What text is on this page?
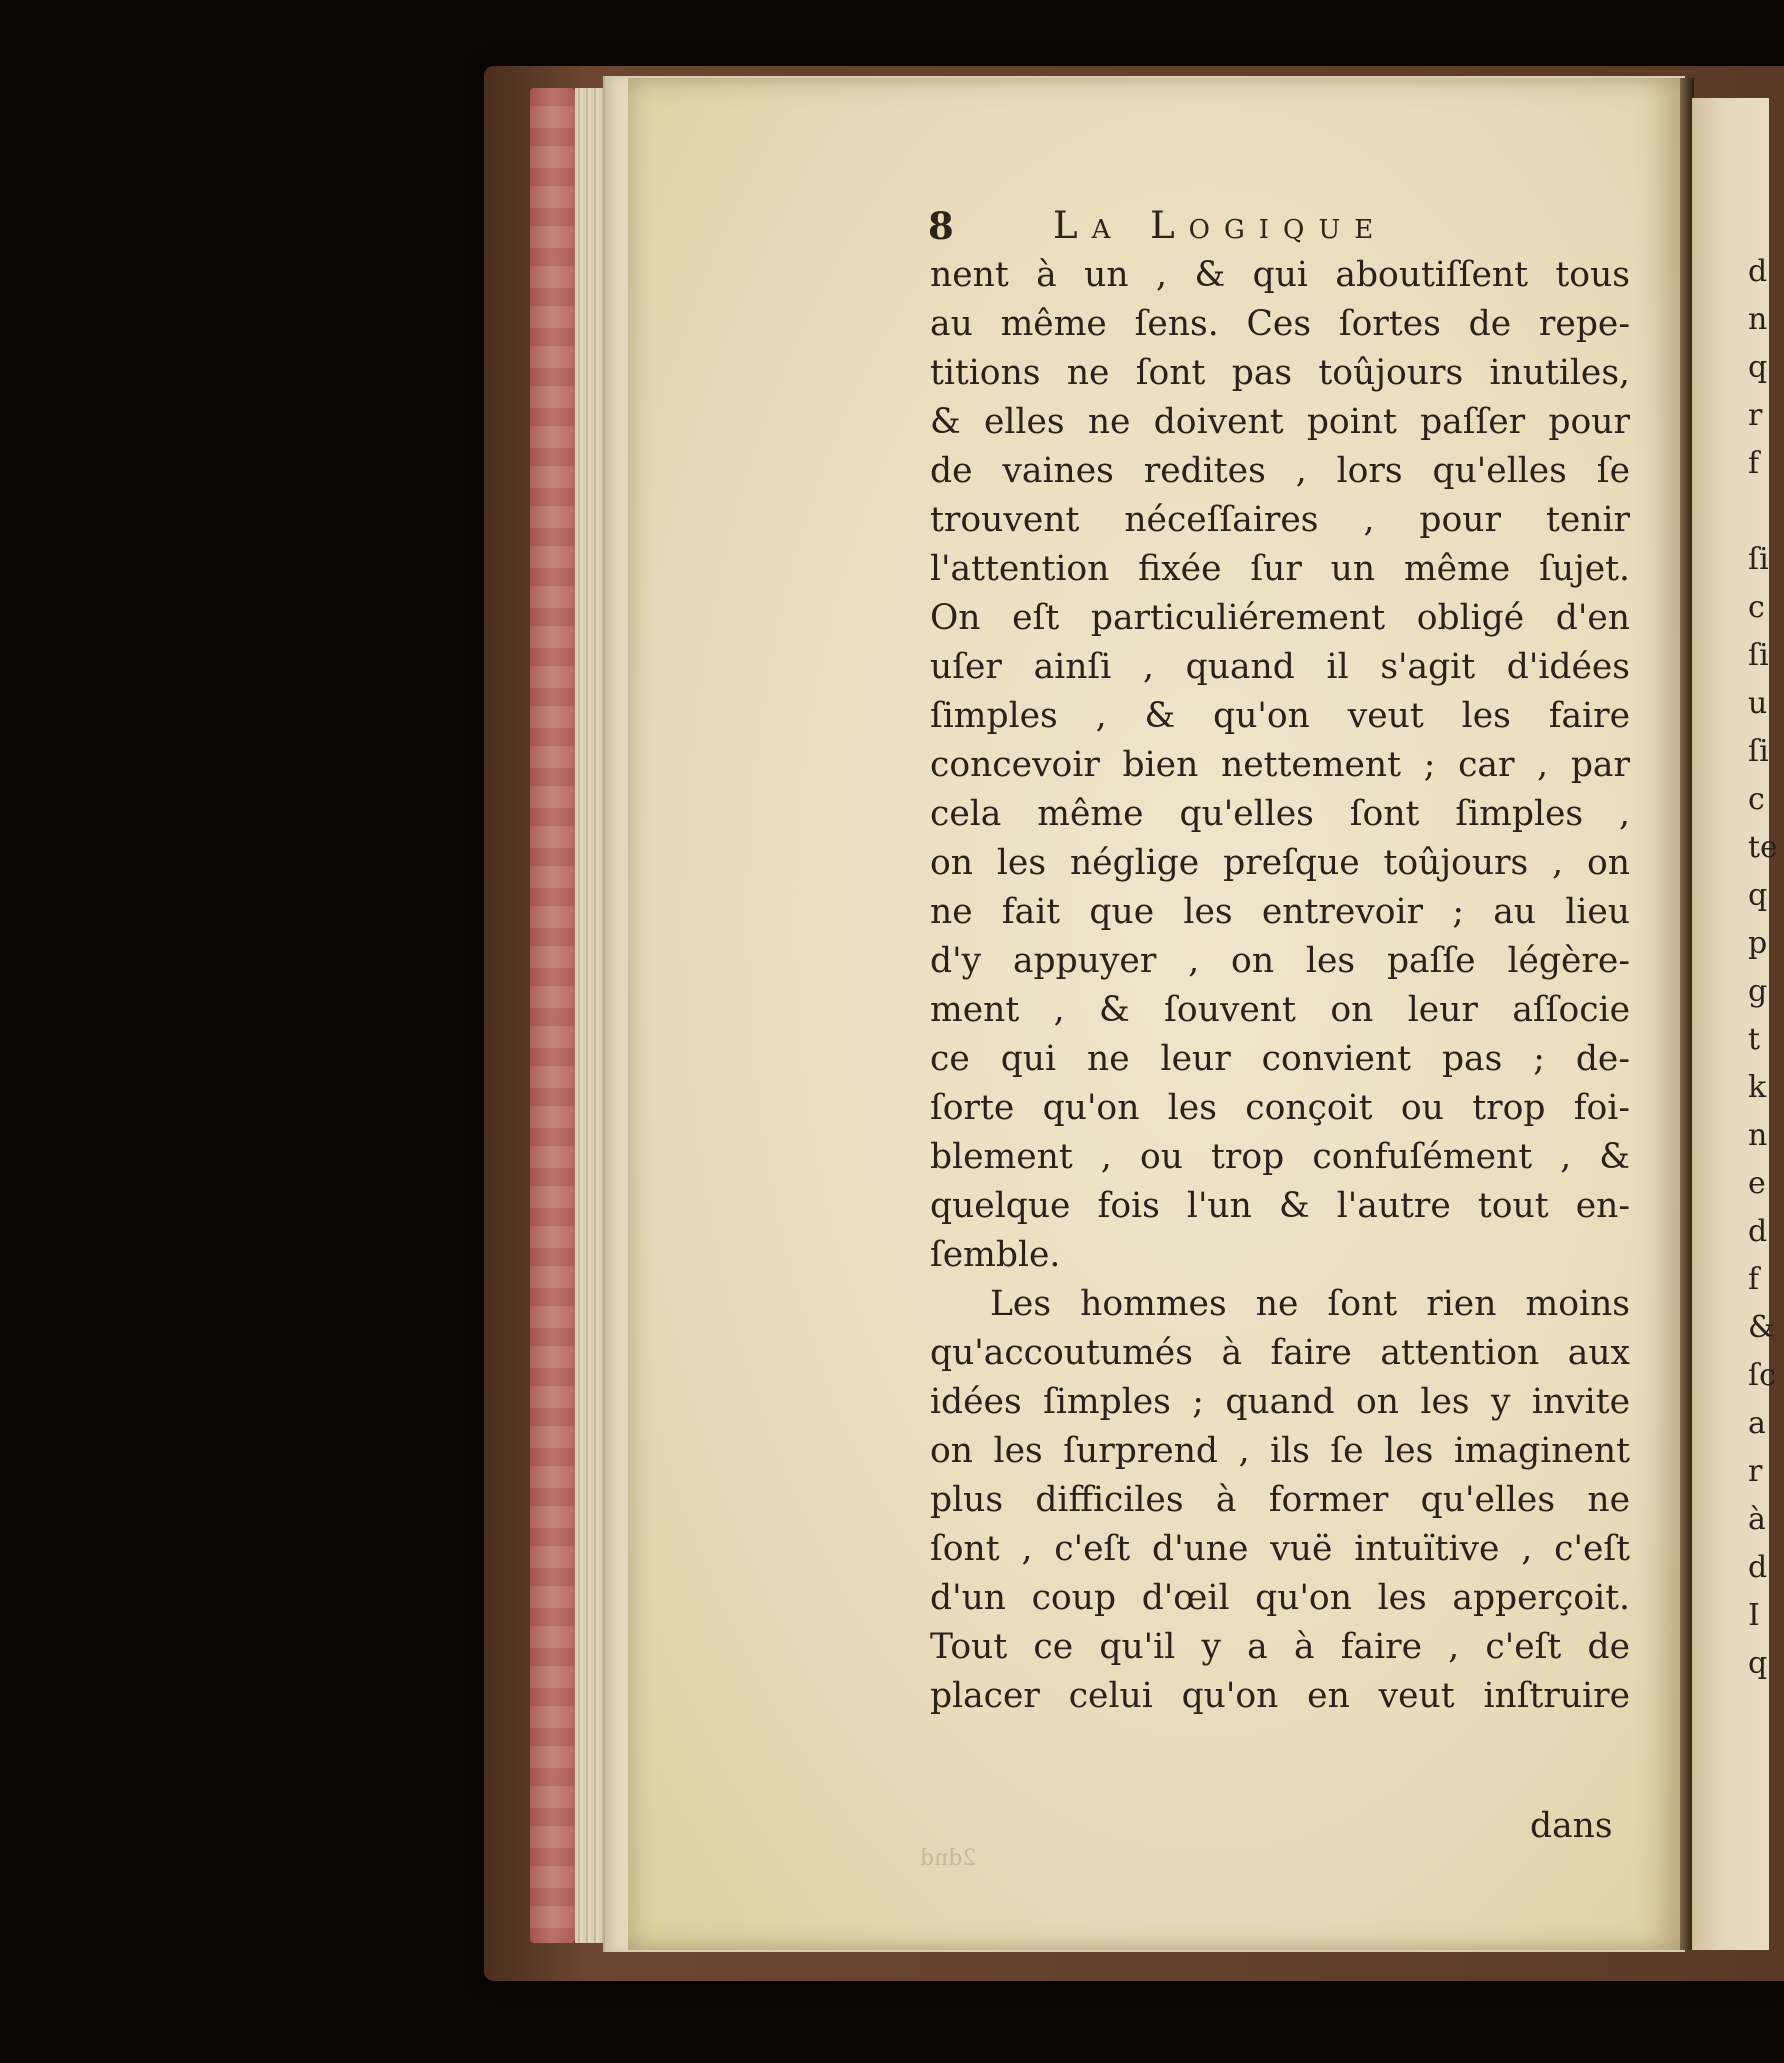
8	La Logique
nent à un , & qui aboutiſſent tous
au même ſens. Ces ſortes de repe-
titions ne ſont pas toûjours inutiles,
& elles ne doivent point paſſer pour
de vaines redites , lors qu'elles ſe
trouvent néceſſaires , pour tenir
l'attention fixée ſur un même ſujet.
On eſt particuliérement obligé d'en
uſer ainſi , quand il s'agit d'idées
ſimples , & qu'on veut les faire
concevoir bien nettement ; car , par
cela même qu'elles ſont ſimples ,
on les néglige preſque toûjours , on
ne fait que les entrevoir ; au lieu
d'y appuyer , on les paſſe légère-
ment , & ſouvent on leur aſſocie
ce qui ne leur convient pas ; de-
ſorte qu'on les conçoit ou trop foi-
blement , ou trop confuſément , &
quelque fois l'un & l'autre tout en-
ſemble.
Les hommes ne ſont rien moins
qu'accoutumés à faire attention aux
idées ſimples ; quand on les y invite
on les ſurprend , ils ſe les imaginent
plus difficiles à former qu'elles ne
ſont , c'eſt d'une vuë intuïtive , c'eſt
d'un coup d'œil qu'on les apperçoit.
Tout ce qu'il y a à faire , c'eſt de
placer celui qu'on en veut inſtruire
dans
2dnd
d
n
q
r
f
ſi
c
ſi
u
ſi
c
te
q
p
g
t
k
n
e
d
f
&
ſc
a
r
à
d
I
q
